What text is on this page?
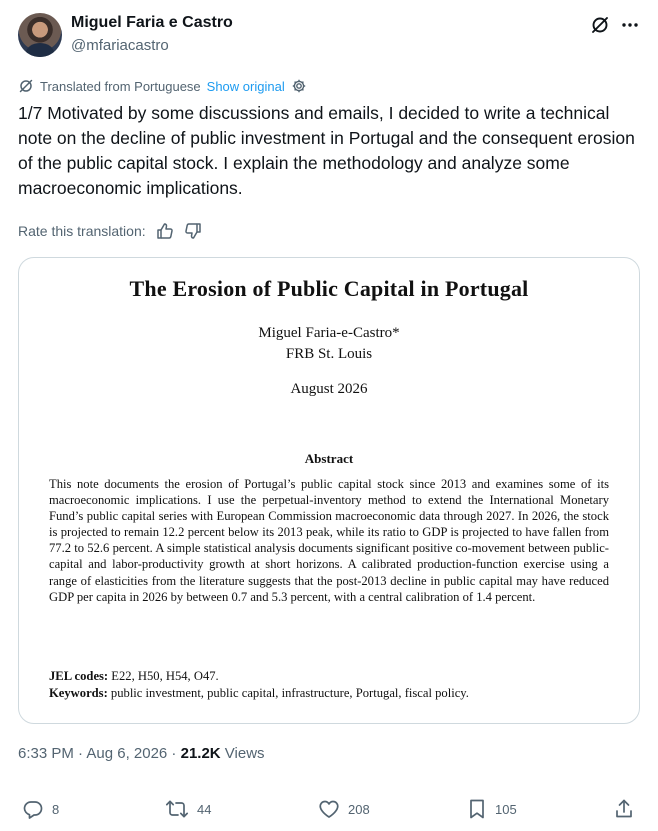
Miguel Faria e Castro
@mfariacastro
Translated from Portuguese Show original
1/7 Motivated by some discussions and emails, I decided to write a technical note on the decline of public investment in Portugal and the consequent erosion of the public capital stock. I explain the methodology and analyze some macroeconomic implications.
Rate this translation:
The Erosion of Public Capital in Portugal
Miguel Faria-e-Castro*
FRB St. Louis
August 2026
Abstract
This note documents the erosion of Portugal’s public capital stock since 2013 and examines some of its macroeconomic implications. I use the perpetual-inventory method to extend the International Monetary Fund’s public capital series with European Commission macroeconomic data through 2027. In 2026, the stock is projected to remain 12.2 percent below its 2013 peak, while its ratio to GDP is projected to have fallen from 77.2 to 52.6 percent. A simple statistical analysis documents significant positive co-movement between public-capital and labor-productivity growth at short horizons. A calibrated production-function exercise using a range of elasticities from the literature suggests that the post-2013 decline in public capital may have reduced GDP per capita in 2026 by between 0.7 and 5.3 percent, with a central calibration of 1.4 percent.
JEL codes: E22, H50, H54, O47.
Keywords: public investment, public capital, infrastructure, Portugal, fiscal policy.
6:33 PM · Aug 6, 2026 · 21.2K Views
8	44	208	105
